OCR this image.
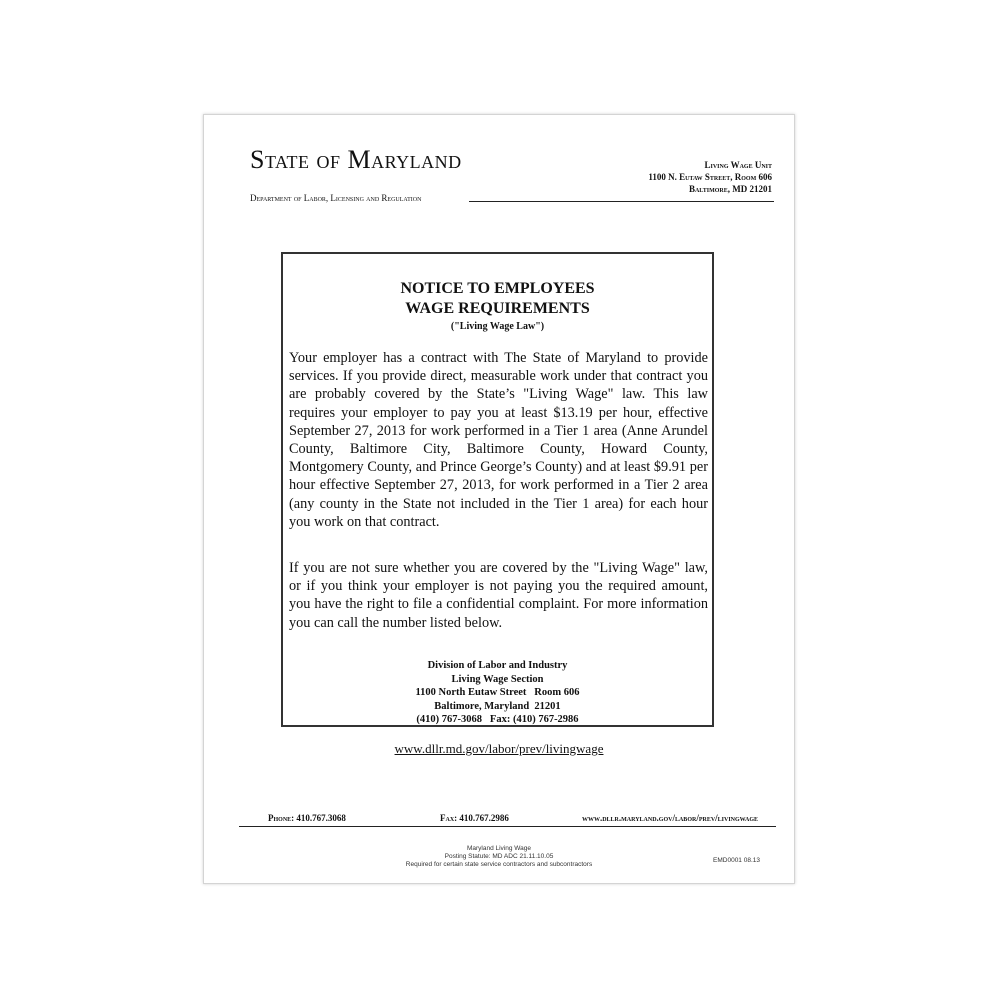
State of Maryland
Department of Labor, Licensing and Regulation
Living Wage Unit
1100 N. Eutaw Street, Room 606
Baltimore, MD 21201
NOTICE TO EMPLOYEES
WAGE REQUIREMENTS
("Living Wage Law")

Your employer has a contract with The State of Maryland to provide services. If you provide direct, measurable work under that contract you are probably covered by the State’s "Living Wage" law. This law requires your employer to pay you at least $13.19 per hour, effective September 27, 2013 for work performed in a Tier 1 area (Anne Arundel County, Baltimore City, Baltimore County, Howard County, Montgomery County, and Prince George’s County) and at least $9.91 per hour effective September 27, 2013, for work performed in a Tier 2 area (any county in the State not included in the Tier 1 area) for each hour you work on that contract.

If you are not sure whether you are covered by the "Living Wage" law, or if you think your employer is not paying you the required amount, you have the right to file a confidential complaint. For more information you can call the number listed below.

Division of Labor and Industry
Living Wage Section
1100 North Eutaw Street   Room 606
Baltimore, Maryland  21201
(410) 767-3068   Fax: (410) 767-2986
www.dllr.md.gov/labor/prev/livingwage
Phone: 410.767.3068	Fax: 410.767.2986	www.dllr.maryland.gov/labor/prev/livingwage
Maryland Living Wage
Posting Statute: MD ADC 21.11.10.05
Required for certain state service contractors and subcontractors
EMD0001 08.13
